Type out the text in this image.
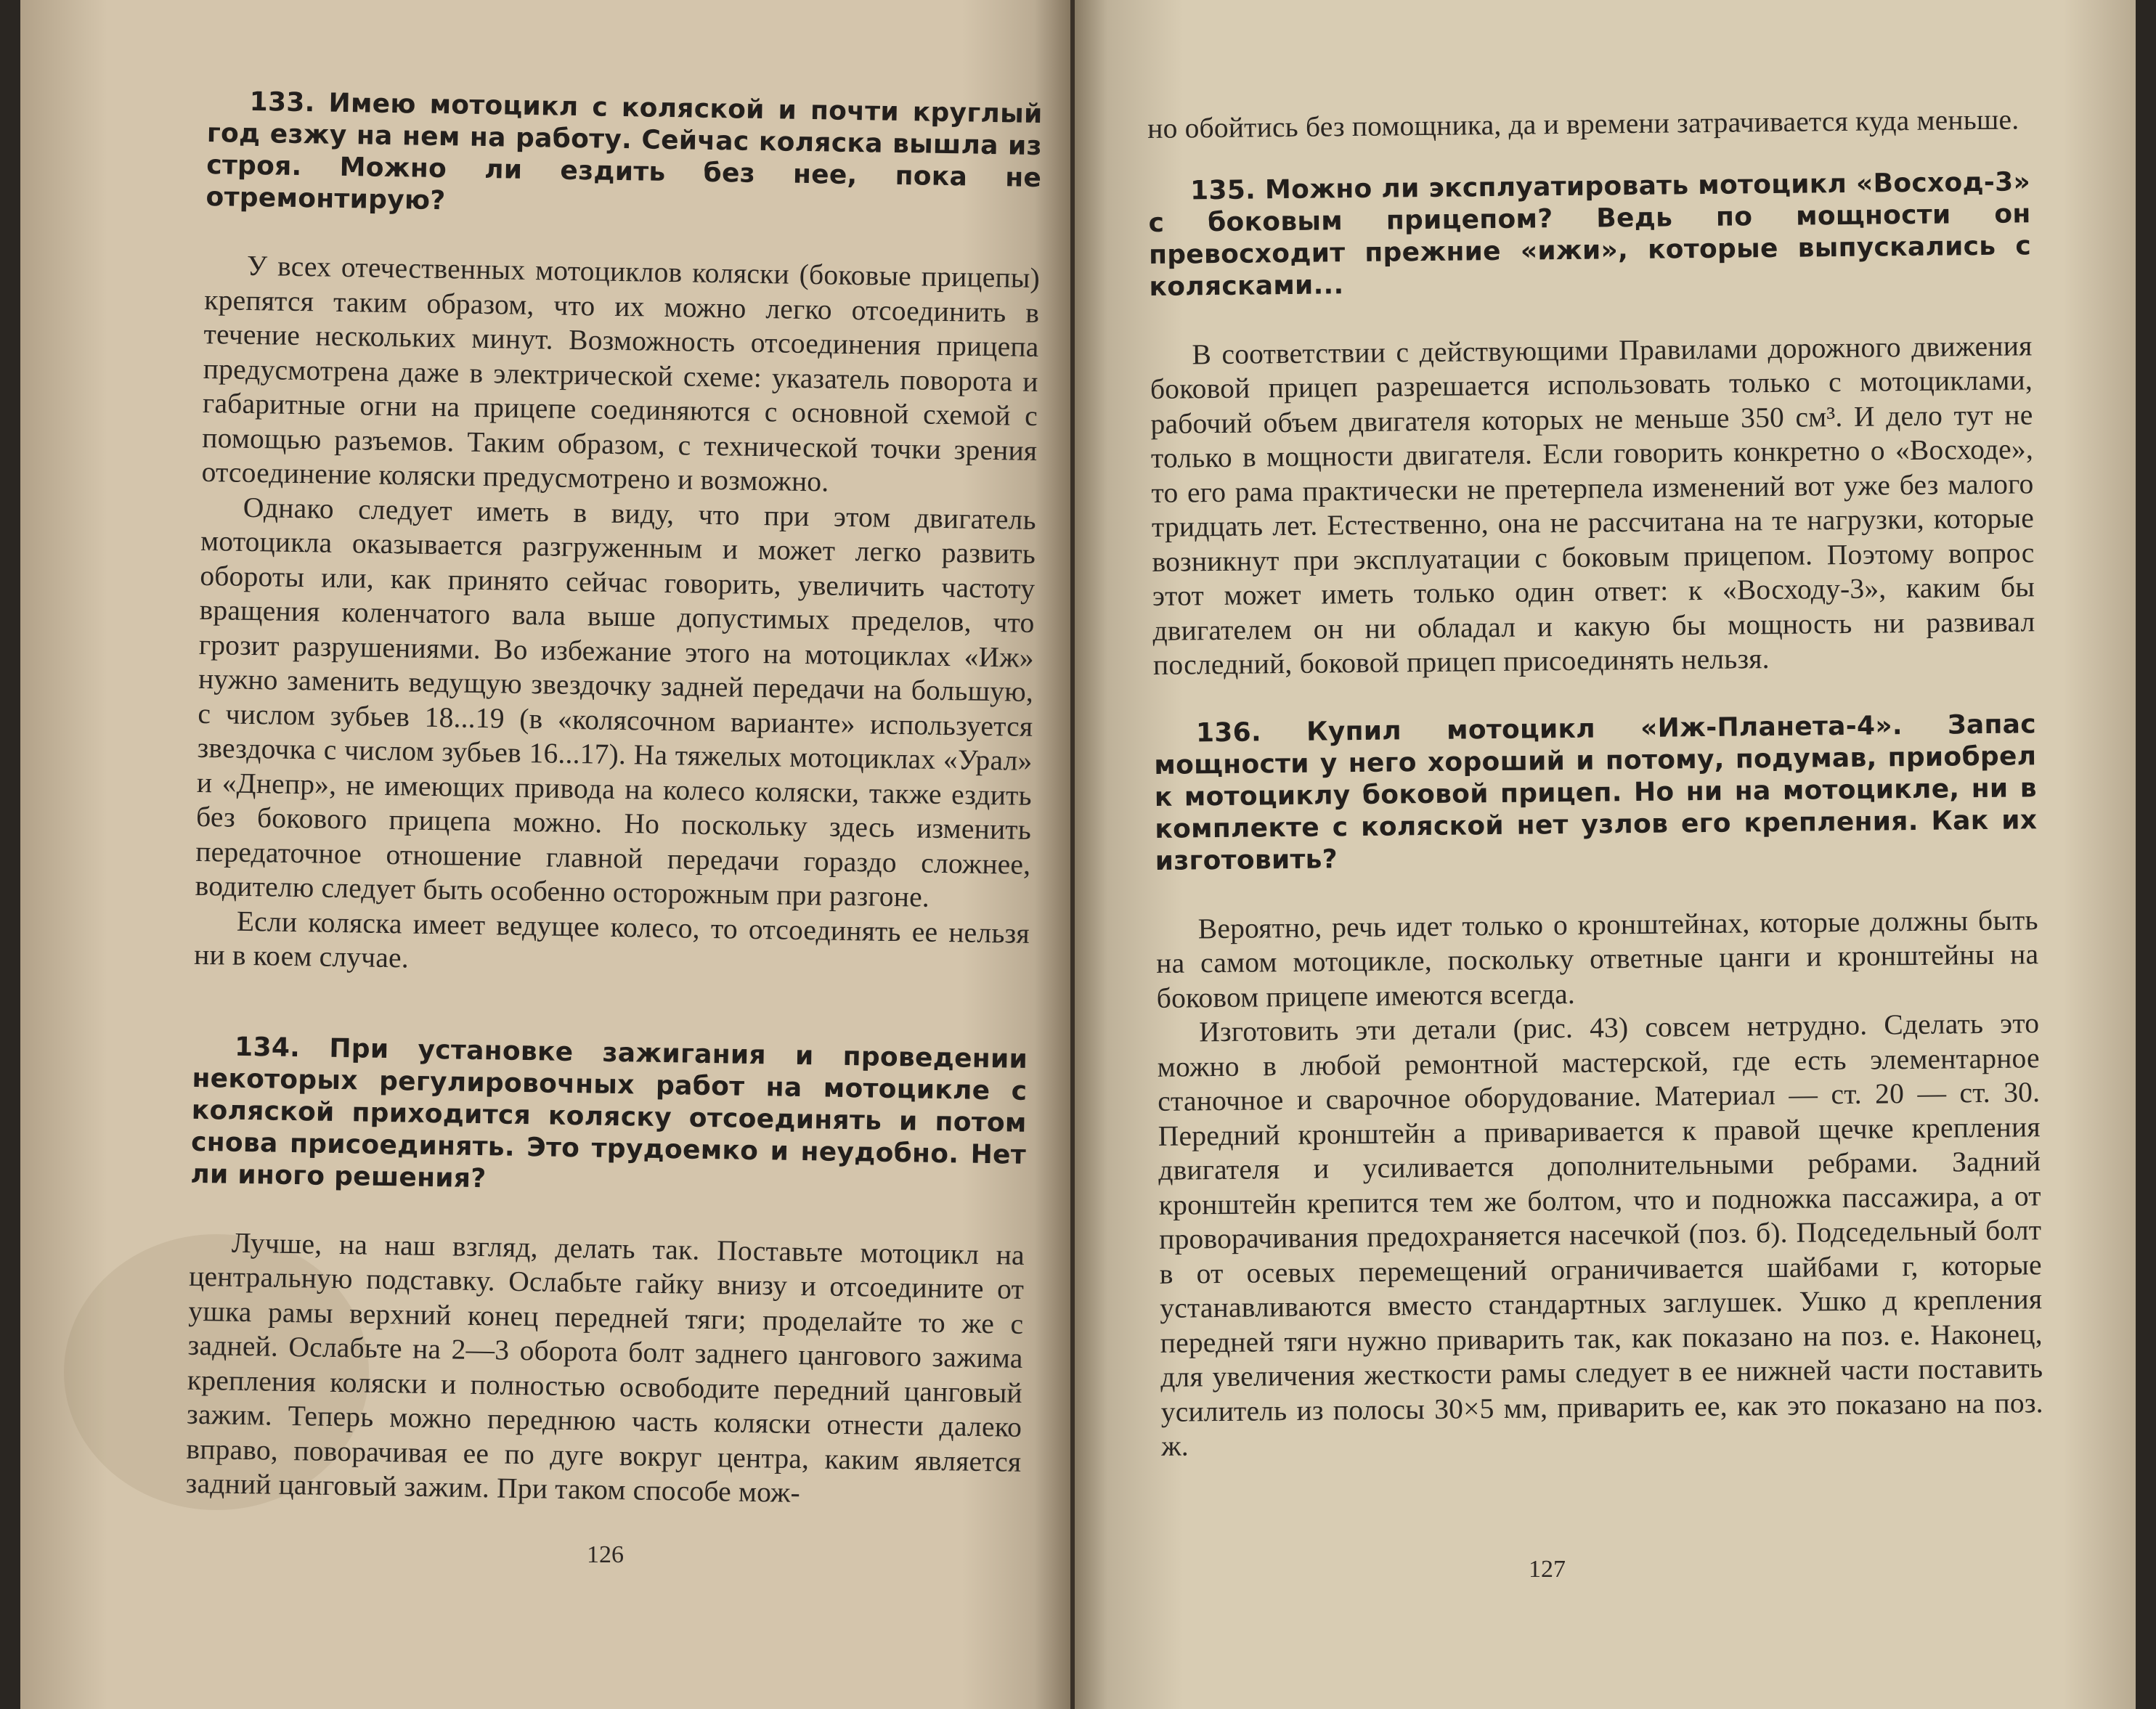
133. Имею мотоцикл с коляской и почти круглый год езжу на нем на работу. Сейчас коляска вышла из строя. Можно ли ездить без нее, пока не отремонтирую?

У всех отечественных мотоциклов коляски (боковые прицепы) крепятся таким образом, что их можно легко отсоединить в течение нескольких минут. Возможность отсоединения прицепа предусмотрена даже в электрической схеме: указатель поворота и габаритные огни на прицепе соединяются с основной схемой с помощью разъемов. Таким образом, с технической точки зрения отсоединение коляски предусмотрено и возможно.

Однако следует иметь в виду, что при этом двигатель мотоцикла оказывается разгруженным и может легко развить обороты или, как принято сейчас говорить, увеличить частоту вращения коленчатого вала выше допустимых пределов, что грозит разрушениями. Во избежание этого на мотоциклах «Иж» нужно заменить ведущую звездочку задней передачи на большую, с числом зубьев 18...19 (в «колясочном варианте» используется звездочка с числом зубьев 16...17). На тяжелых мотоциклах «Урал» и «Днепр», не имеющих привода на колесо коляски, также ездить без бокового прицепа можно. Но поскольку здесь изменить передаточное отношение главной передачи гораздо сложнее, водителю следует быть особенно осторожным при разгоне.

Если коляска имеет ведущее колесо, то отсоединять ее нельзя ни в коем случае.

134. При установке зажигания и проведении некоторых регулировочных работ на мотоцикле с коляской приходится коляску отсоединять и потом снова присоединять. Это трудоемко и неудобно. Нет ли иного решения?

Лучше, на наш взгляд, делать так. Поставьте мотоцикл на центральную подставку. Ослабьте гайку внизу и отсоедините от ушка рамы верхний конец передней тяги; проделайте то же с задней. Ослабьте на 2—3 оборота болт заднего цангового зажима крепления коляски и полностью освободите передний цанговый зажим. Теперь можно переднюю часть коляски отнести далеко вправо, поворачивая ее по дуге вокруг центра, каким является задний цанговый зажим. При таком способе мож-

126

но обойтись без помощника, да и времени затрачивается куда меньше.

135. Можно ли эксплуатировать мотоцикл «Восход-3» с боковым прицепом? Ведь по мощности он превосходит прежние «ижи», которые выпускались с колясками...

В соответствии с действующими Правилами дорожного движения боковой прицеп разрешается использовать только с мотоциклами, рабочий объем двигателя которых не меньше 350 см³. И дело тут не только в мощности двигателя. Если говорить конкретно о «Восходе», то его рама практически не претерпела изменений вот уже без малого тридцать лет. Естественно, она не рассчитана на те нагрузки, которые возникнут при эксплуатации с боковым прицепом. Поэтому вопрос этот может иметь только один ответ: к «Восходу-3», каким бы двигателем он ни обладал и какую бы мощность ни развивал последний, боковой прицеп присоединять нельзя.

136. Купил мотоцикл «Иж-Планета-4». Запас мощности у него хороший и потому, подумав, приобрел к мотоциклу боковой прицеп. Но ни на мотоцикле, ни в комплекте с коляской нет узлов его крепления. Как их изготовить?

Вероятно, речь идет только о кронштейнах, которые должны быть на самом мотоцикле, поскольку ответные цанги и кронштейны на боковом прицепе имеются всегда.

Изготовить эти детали (рис. 43) совсем нетрудно. Сделать это можно в любой ремонтной мастерской, где есть элементарное станочное и сварочное оборудование. Материал — ст. 20 — ст. 30. Передний кронштейн а приваривается к правой щечке крепления двигателя и усиливается дополнительными ребрами. Задний кронштейн крепится тем же болтом, что и подножка пассажира, а от проворачивания предохраняется насечкой (поз. б). Подседельный болт в от осевых перемещений ограничивается шайбами г, которые устанавливаются вместо стандартных заглушек. Ушко д крепления передней тяги нужно приварить так, как показано на поз. е. Наконец, для увеличения жесткости рамы следует в ее нижней части поставить усилитель из полосы 30×5 мм, приварить ее, как это показано на поз. ж.

127
